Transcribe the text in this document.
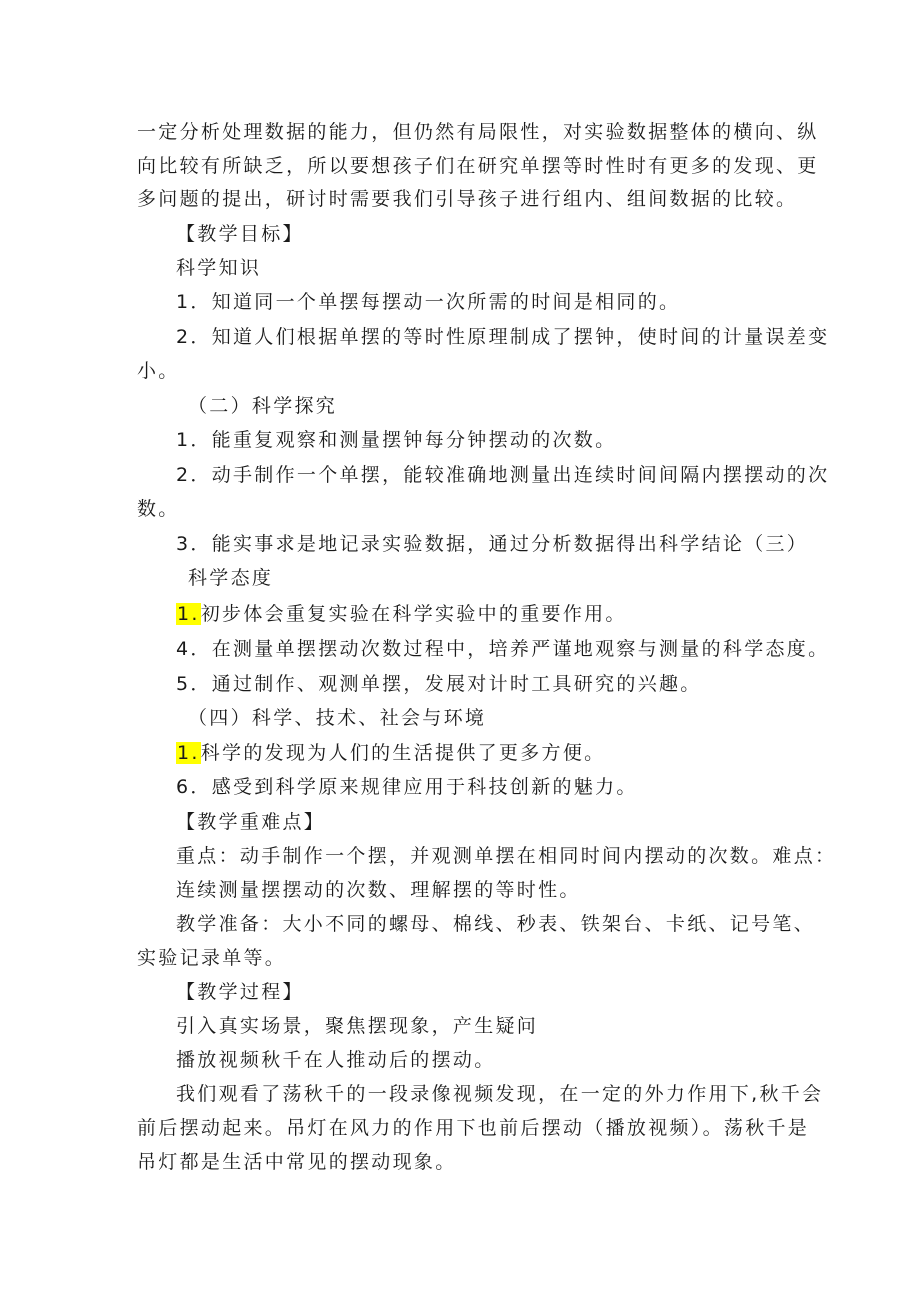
一定分析处理数据的能力，但仍然有局限性，对实验数据整体的横向、纵
向比较有所缺乏，所以要想孩子们在研究单摆等时性时有更多的发现、更
多问题的提出，研讨时需要我们引导孩子进行组内、组间数据的比较。
【教学目标】
科学知识
1．知道同一个单摆每摆动一次所需的时间是相同的。
2．知道人们根据单摆的等时性原理制成了摆钟，使时间的计量误差变
小。
（二）科学探究
1．能重复观察和测量摆钟每分钟摆动的次数。
2．动手制作一个单摆，能较准确地测量出连续时间间隔内摆摆动的次
数。
3．能实事求是地记录实验数据，通过分析数据得出科学结论（三）
科学态度
1.初步体会重复实验在科学实验中的重要作用。
4．在测量单摆摆动次数过程中，培养严谨地观察与测量的科学态度。
5．通过制作、观测单摆，发展对计时工具研究的兴趣。
（四）科学、技术、社会与环境
1.科学的发现为人们的生活提供了更多方便。
6．感受到科学原来规律应用于科技创新的魅力。
【教学重难点】
重点：动手制作一个摆，并观测单摆在相同时间内摆动的次数。难点：
连续测量摆摆动的次数、理解摆的等时性。
教学准备：大小不同的螺母、棉线、秒表、铁架台、卡纸、记号笔、
实验记录单等。
【教学过程】
引入真实场景，聚焦摆现象，产生疑问
播放视频秋千在人推动后的摆动。
我们观看了荡秋千的一段录像视频发现，在一定的外力作用下,秋千会
前后摆动起来。吊灯在风力的作用下也前后摆动（播放视频）。荡秋千是
吊灯都是生活中常见的摆动现象。
